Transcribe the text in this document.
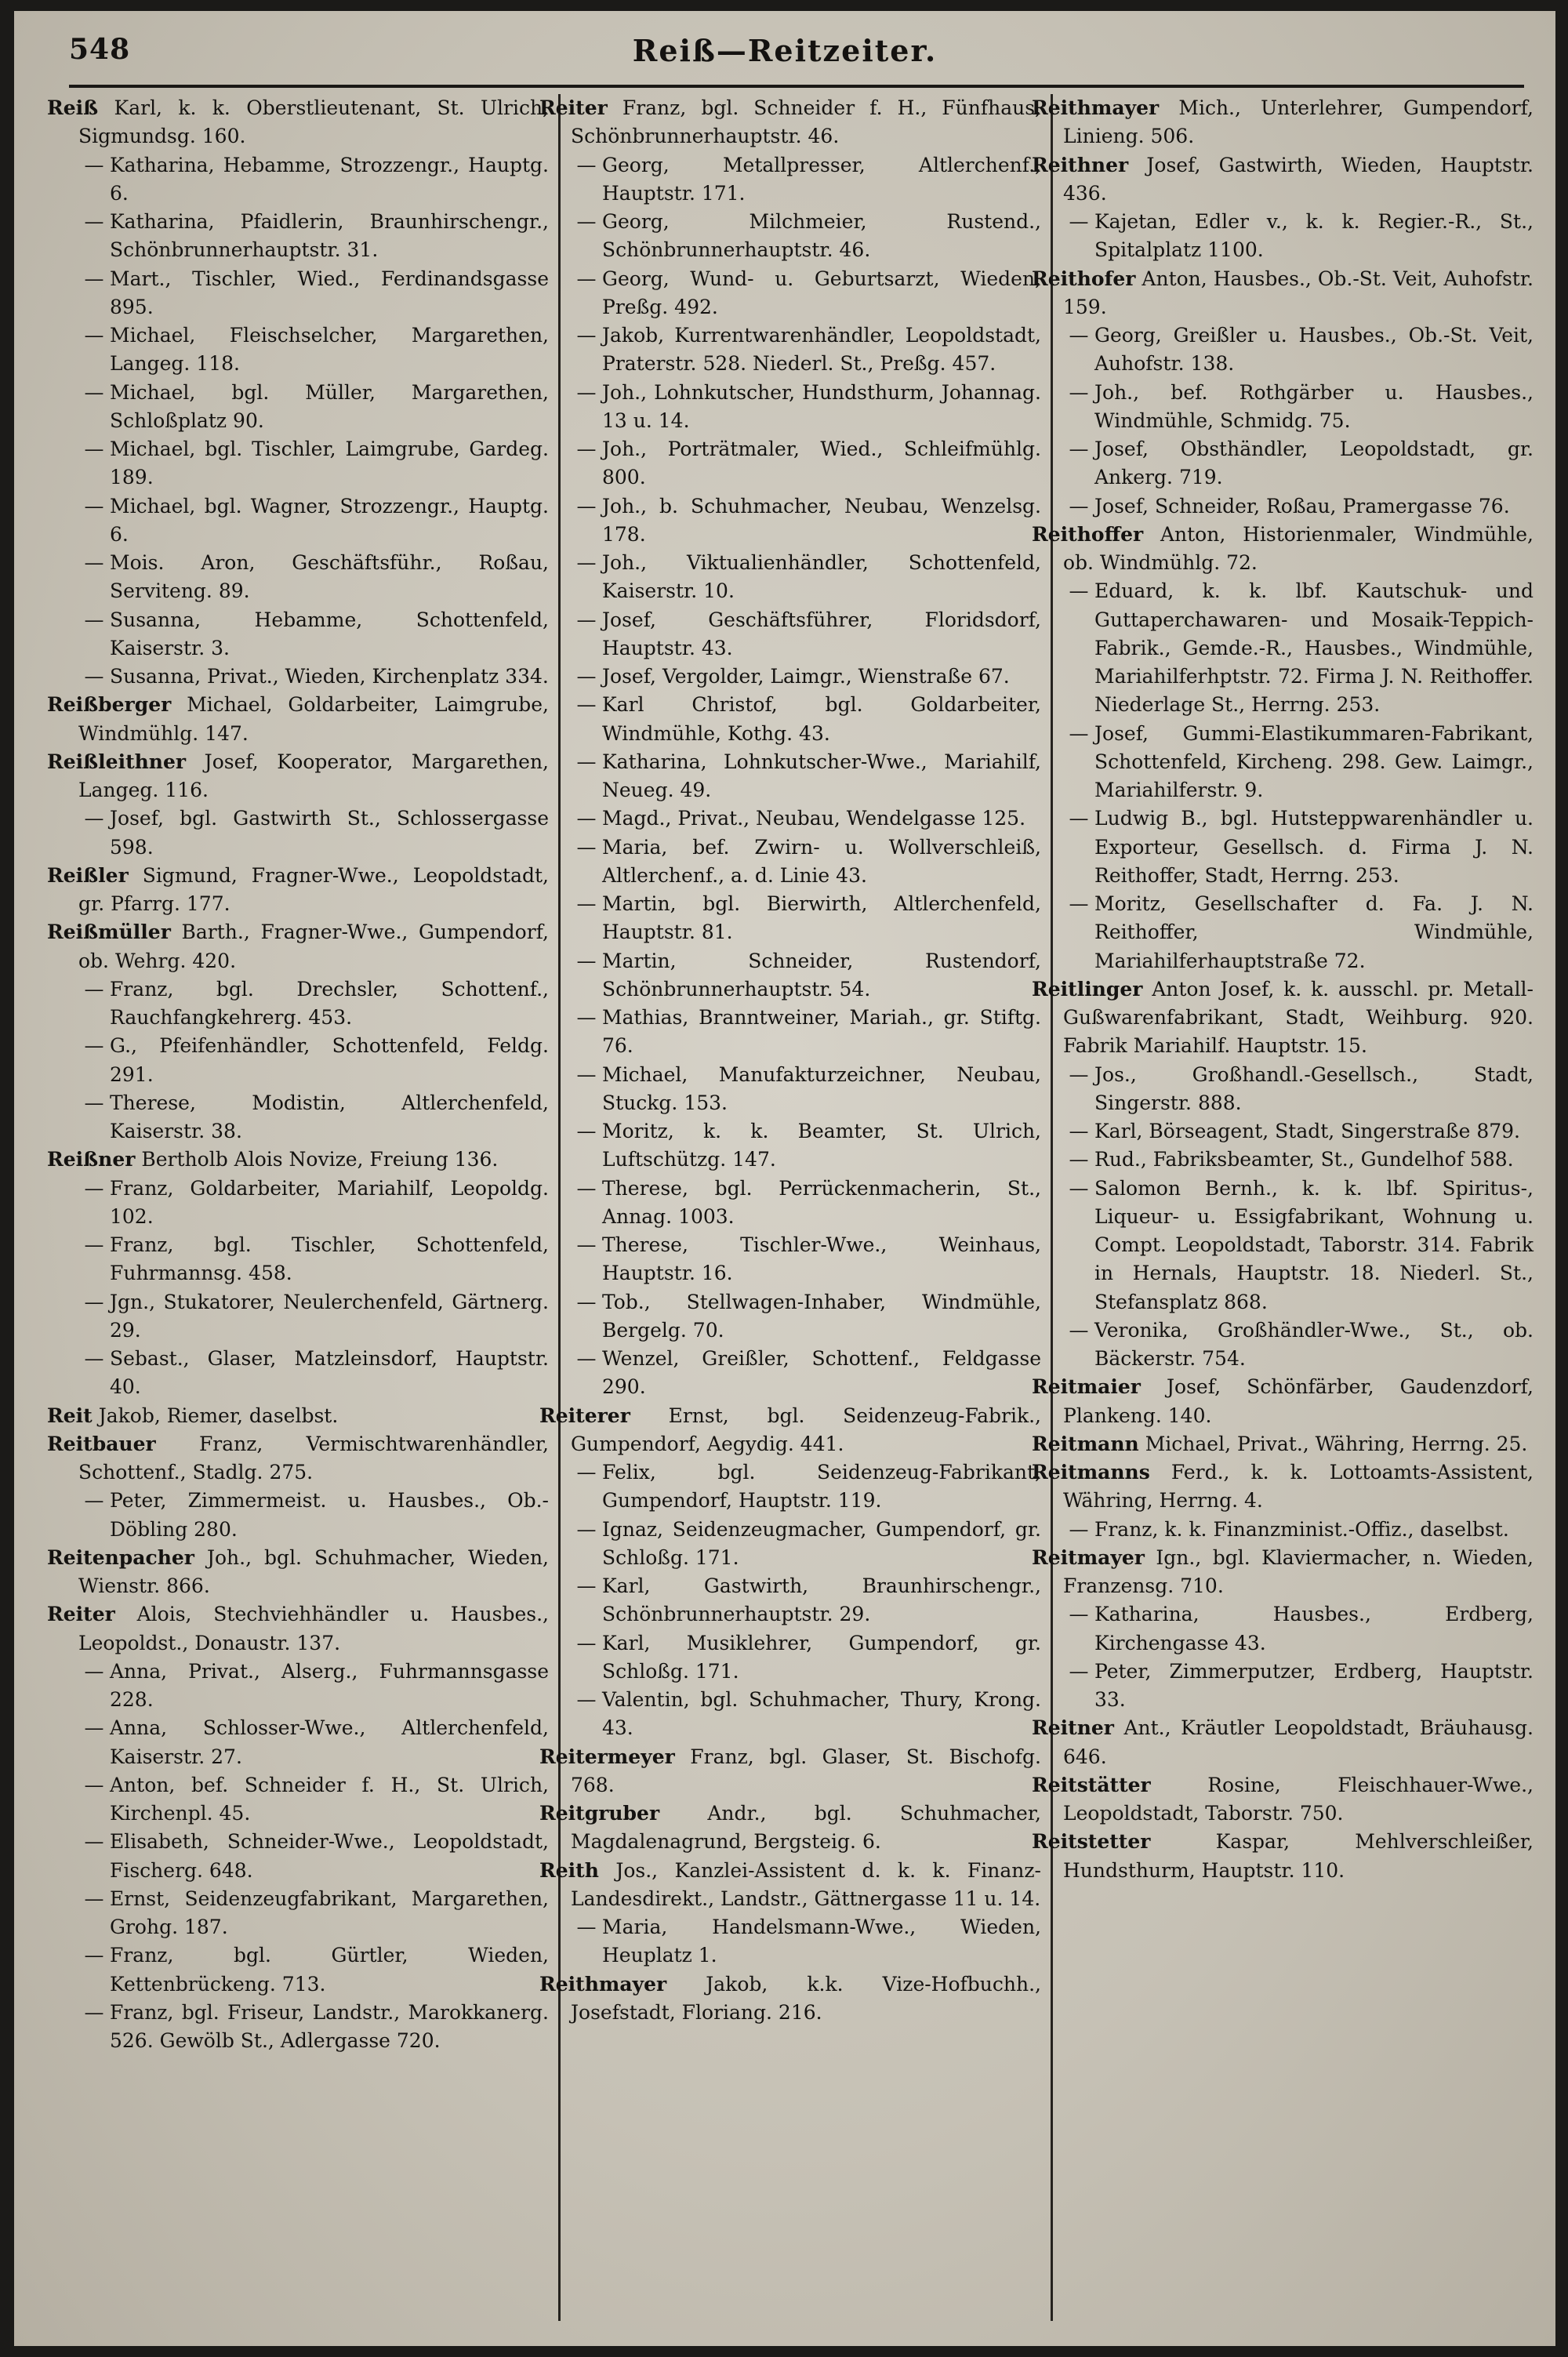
548	Reiß—Reitzeiter.

Reiß Karl, k. k. Oberstlieutenant, St. Ulrich, Sigmundsg. 160.

— Katharina, Hebamme, Strozzengr., Hauptg. 6.

— Katharina, Pfaidlerin, Braunhirschengr., Schönbrunnerhauptstr. 31.

— Mart., Tischler, Wied., Ferdinandsgasse 895.

— Michael, Fleischselcher, Margarethen, Langeg. 118.

— Michael, bgl. Müller, Margarethen, Schloßplatz 90.

— Michael, bgl. Tischler, Laimgrube, Gardeg. 189.

— Michael, bgl. Wagner, Strozzengr., Hauptg. 6.

— Mois. Aron, Geschäftsführ., Roßau, Serviteng. 89.

— Susanna, Hebamme, Schottenfeld, Kaiserstr. 3.

— Susanna, Privat., Wieden, Kirchenplatz 334.

Reißberger Michael, Goldarbeiter, Laimgrube, Windmühlg. 147.

Reißleithner Josef, Kooperator, Margarethen, Langeg. 116.

— Josef, bgl. Gastwirth St., Schlossergasse 598.

Reißler Sigmund, Fragner-Wwe., Leopoldstadt, gr. Pfarrg. 177.

Reißmüller Barth., Fragner-Wwe., Gumpendorf, ob. Wehrg. 420.

— Franz, bgl. Drechsler, Schottenf., Rauchfangkehrerg. 453.

— G., Pfeifenhändler, Schottenfeld, Feldg. 291.

— Therese, Modistin, Altlerchenfeld, Kaiserstr. 38.

Reißner Bertholb Alois Novize, Freiung 136.

— Franz, Goldarbeiter, Mariahilf, Leopoldg. 102.

— Franz, bgl. Tischler, Schottenfeld, Fuhrmannsg. 458.

— Jgn., Stukatorer, Neulerchenfeld, Gärtnerg. 29.

— Sebast., Glaser, Matzleinsdorf, Hauptstr. 40.

Reit Jakob, Riemer, daselbst.

Reitbauer Franz, Vermischtwarenhändler, Schottenf., Stadlg. 275.

— Peter, Zimmermeist. u. Hausbes., Ob.-Döbling 280.

Reitenpacher Joh., bgl. Schuhmacher, Wieden, Wienstr. 866.

Reiter Alois, Stechviehhändler u. Hausbes., Leopoldst., Donaustr. 137.

— Anna, Privat., Alserg., Fuhrmannsgasse 228.

— Anna, Schlosser-Wwe., Altlerchenfeld, Kaiserstr. 27.

— Anton, bef. Schneider f. H., St. Ulrich, Kirchenpl. 45.

— Elisabeth, Schneider-Wwe., Leopoldstadt, Fischerg. 648.

— Ernst, Seidenzeugfabrikant, Margarethen, Grohg. 187.

— Franz, bgl. Gürtler, Wieden, Kettenbrückeng. 713.

— Franz, bgl. Friseur, Landstr., Marokkanerg. 526. Gewölb St., Adlergasse 720.

Reiter Franz, bgl. Schneider f. H., Fünfhaus, Schönbrunnerhauptstr. 46.

— Georg, Metallpresser, Altlerchenf., Hauptstr. 171.

— Georg, Milchmeier, Rustend., Schönbrunnerhauptstr. 46.

— Georg, Wund- u. Geburtsarzt, Wieden, Preßg. 492.

— Jakob, Kurrentwarenhändler, Leopoldstadt, Praterstr. 528. Niederl. St., Preßg. 457.

— Joh., Lohnkutscher, Hundsthurm, Johannag. 13 u. 14.

— Joh., Porträtmaler, Wied., Schleifmühlg. 800.

— Joh., b. Schuhmacher, Neubau, Wenzelsg. 178.

— Joh., Viktualienhändler, Schottenfeld, Kaiserstr. 10.

— Josef, Geschäftsführer, Floridsdorf, Hauptstr. 43.

— Josef, Vergolder, Laimgr., Wienstraße 67.

— Karl Christof, bgl. Goldarbeiter, Windmühle, Kothg. 43.

— Katharina, Lohnkutscher-Wwe., Mariahilf, Neueg. 49.

— Magd., Privat., Neubau, Wendelgasse 125.

— Maria, bef. Zwirn- u. Wollverschleiß, Altlerchenf., a. d. Linie 43.

— Martin, bgl. Bierwirth, Altlerchenfeld, Hauptstr. 81.

— Martin, Schneider, Rustendorf, Schönbrunnerhauptstr. 54.

— Mathias, Branntweiner, Mariah., gr. Stiftg. 76.

— Michael, Manufakturzeichner, Neubau, Stuckg. 153.

— Moritz, k. k. Beamter, St. Ulrich, Luftschützg. 147.

— Therese, bgl. Perrückenmacherin, St., Annag. 1003.

— Therese, Tischler-Wwe., Weinhaus, Hauptstr. 16.

— Tob., Stellwagen-Inhaber, Windmühle, Bergelg. 70.

— Wenzel, Greißler, Schottenf., Feldgasse 290.

Reiterer Ernst, bgl. Seidenzeug-Fabrik., Gumpendorf, Aegydig. 441.

— Felix, bgl. Seidenzeug-Fabrikant, Gumpendorf, Hauptstr. 119.

— Ignaz, Seidenzeugmacher, Gumpendorf, gr. Schloßg. 171.

— Karl, Gastwirth, Braunhirschengr., Schönbrunnerhauptstr. 29.

— Karl, Musiklehrer, Gumpendorf, gr. Schloßg. 171.

— Valentin, bgl. Schuhmacher, Thury, Krong. 43.

Reitermeyer Franz, bgl. Glaser, St. Bischofg. 768.

Reitgruber Andr., bgl. Schuhmacher, Magdalenagrund, Bergsteig. 6.

Reith Jos., Kanzlei-Assistent d. k. k. Finanz-Landesdirekt., Landstr., Gättnergasse 11 u. 14.

— Maria, Handelsmann-Wwe., Wieden, Heuplatz 1.

Reithmayer Jakob, k.k. Vize-Hofbuchh., Josefstadt, Floriang. 216.

Reithmayer Mich., Unterlehrer, Gumpendorf, Linieng. 506.

Reithner Josef, Gastwirth, Wieden, Hauptstr. 436.

— Kajetan, Edler v., k. k. Regier.-R., St., Spitalplatz 1100.

Reithofer Anton, Hausbes., Ob.-St. Veit, Auhofstr. 159.

— Georg, Greißler u. Hausbes., Ob.-St. Veit, Auhofstr. 138.

— Joh., bef. Rothgärber u. Hausbes., Windmühle, Schmidg. 75.

— Josef, Obsthändler, Leopoldstadt, gr. Ankerg. 719.

— Josef, Schneider, Roßau, Pramergasse 76.

Reithoffer Anton, Historienmaler, Windmühle, ob. Windmühlg. 72.

— Eduard, k. k. lbf. Kautschuk- und Guttaperchawaren- und Mosaik-Teppich-Fabrik., Gemde.-R., Hausbes., Windmühle, Mariahilferhptstr. 72. Firma J. N. Reithoffer. Niederlage St., Herrng. 253.

— Josef, Gummi-Elastikummaren-Fabrikant, Schottenfeld, Kircheng. 298. Gew. Laimgr., Mariahilferstr. 9.

— Ludwig B., bgl. Hutsteppwarenhändler u. Exporteur, Gesellsch. d. Firma J. N. Reithoffer, Stadt, Herrng. 253.

— Moritz, Gesellschafter d. Fa. J. N. Reithoffer, Windmühle, Mariahilferhauptstraße 72.

Reitlinger Anton Josef, k. k. ausschl. pr. Metall-Gußwarenfabrikant, Stadt, Weihburg. 920. Fabrik Mariahilf. Hauptstr. 15.

— Jos., Großhandl.-Gesellsch., Stadt, Singerstr. 888.

— Karl, Börseagent, Stadt, Singerstraße 879.

— Rud., Fabriksbeamter, St., Gundelhof 588.

— Salomon Bernh., k. k. lbf. Spiritus-, Liqueur- u. Essigfabrikant, Wohnung u. Compt. Leopoldstadt, Taborstr. 314. Fabrik in Hernals, Hauptstr. 18. Niederl. St., Stefansplatz 868.

— Veronika, Großhändler-Wwe., St., ob. Bäckerstr. 754.

Reitmaier Josef, Schönfärber, Gaudenzdorf, Plankeng. 140.

Reitmann Michael, Privat., Währing, Herrng. 25.

Reitmanns Ferd., k. k. Lottoamts-Assistent, Währing, Herrng. 4.

— Franz, k. k. Finanzminist.-Offiz., daselbst.

Reitmayer Ign., bgl. Klaviermacher, n. Wieden, Franzensg. 710.

— Katharina, Hausbes., Erdberg, Kirchengasse 43.

— Peter, Zimmerputzer, Erdberg, Hauptstr. 33.

Reitner Ant., Kräutler Leopoldstadt, Bräuhausg. 646.

Reitstätter	Rosine, Fleischhauer-Wwe., Leopoldstadt, Taborstr. 750.

Reitstetter	Kaspar, Mehlverschleißer, Hundsthurm, Hauptstr. 110.
